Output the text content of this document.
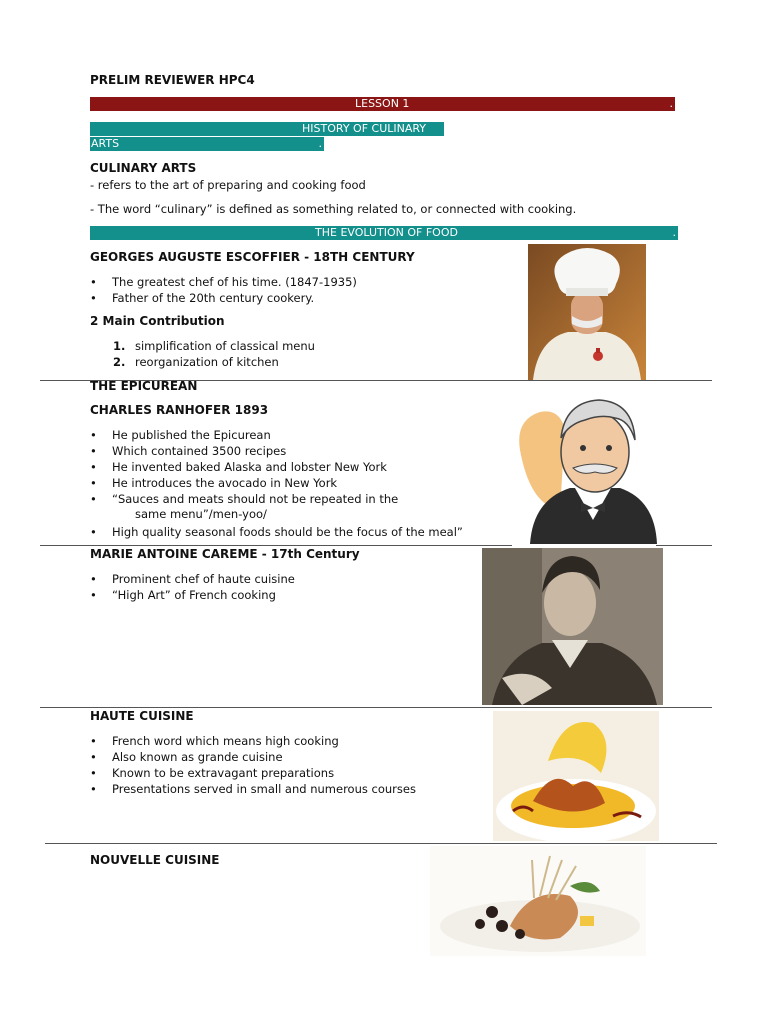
PRELIM REVIEWER HPC4
LESSON 1	.
HISTORY OF CULINARY
ARTS	.
CULINARY ARTS
- refers to the art of preparing and cooking food
- The word “culinary” is defined as something related to, or connected with cooking.
THE EVOLUTION OF FOOD	.
GEORGES AUGUSTE ESCOFFIER - 18TH CENTURY
• The greatest chef of his time. (1847-1935)
• Father of the 20th century cookery.
2 Main Contribution
1. simplification of classical menu
2. reorganization of kitchen
THE EPICUREAN
CHARLES RANHOFER 1893
• He published the Epicurean
• Which contained 3500 recipes
• He invented baked Alaska and lobster New York
• He introduces the avocado in New York
• “Sauces and meats should not be repeated in the
same menu”/men-yoo/
• High quality seasonal foods should be the focus of the meal”
MARIE ANTOINE CAREME - 17th Century
• Prominent chef of haute cuisine
• “High Art” of French cooking
HAUTE CUISINE
• French word which means high cooking
• Also known as grande cuisine
• Known to be extravagant preparations
• Presentations served in small and numerous courses
NOUVELLE CUISINE
